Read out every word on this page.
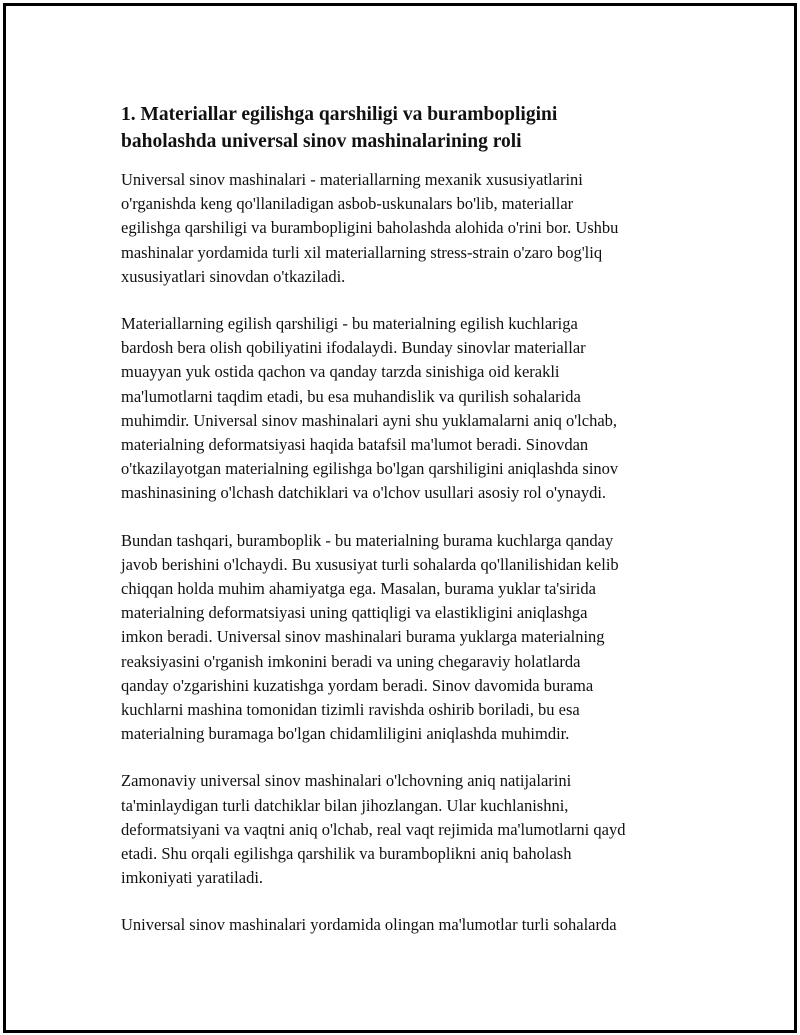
1. Materiallar egilishga qarshiligi va burambopligini
baholashda universal sinov mashinalarining roli

Universal sinov mashinalari - materiallarning mexanik xususiyatlarini
o'rganishda keng qo'llaniladigan asbob-uskunalars bo'lib, materiallar
egilishga qarshiligi va burambopligini baholashda alohida o'rini bor. Ushbu
mashinalar yordamida turli xil materiallarning stress-strain o'zaro bog'liq
xususiyatlari sinovdan o'tkaziladi.

Materiallarning egilish qarshiligi - bu materialning egilish kuchlariga
bardosh bera olish qobiliyatini ifodalaydi. Bunday sinovlar materiallar
muayyan yuk ostida qachon va qanday tarzda sinishiga oid kerakli
ma'lumotlarni taqdim etadi, bu esa muhandislik va qurilish sohalarida
muhimdir. Universal sinov mashinalari ayni shu yuklamalarni aniq o'lchab,
materialning deformatsiyasi haqida batafsil ma'lumot beradi. Sinovdan
o'tkazilayotgan materialning egilishga bo'lgan qarshiligini aniqlashda sinov
mashinasining o'lchash datchiklari va o'lchov usullari asosiy rol o'ynaydi.

Bundan tashqari, buramboplik - bu materialning burama kuchlarga qanday
javob berishini o'lchaydi. Bu xususiyat turli sohalarda qo'llanilishidan kelib
chiqqan holda muhim ahamiyatga ega. Masalan, burama yuklar ta'sirida
materialning deformatsiyasi uning qattiqligi va elastikligini aniqlashga
imkon beradi. Universal sinov mashinalari burama yuklarga materialning
reaksiyasini o'rganish imkonini beradi va uning chegaraviy holatlarda
qanday o'zgarishini kuzatishga yordam beradi. Sinov davomida burama
kuchlarni mashina tomonidan tizimli ravishda oshirib boriladi, bu esa
materialning buramaga bo'lgan chidamliligini aniqlashda muhimdir.

Zamonaviy universal sinov mashinalari o'lchovning aniq natijalarini
ta'minlaydigan turli datchiklar bilan jihozlangan. Ular kuchlanishni,
deformatsiyani va vaqtni aniq o'lchab, real vaqt rejimida ma'lumotlarni qayd
etadi. Shu orqali egilishga qarshilik va buramboplikni aniq baholash
imkoniyati yaratiladi.

Universal sinov mashinalari yordamida olingan ma'lumotlar turli sohalarda
